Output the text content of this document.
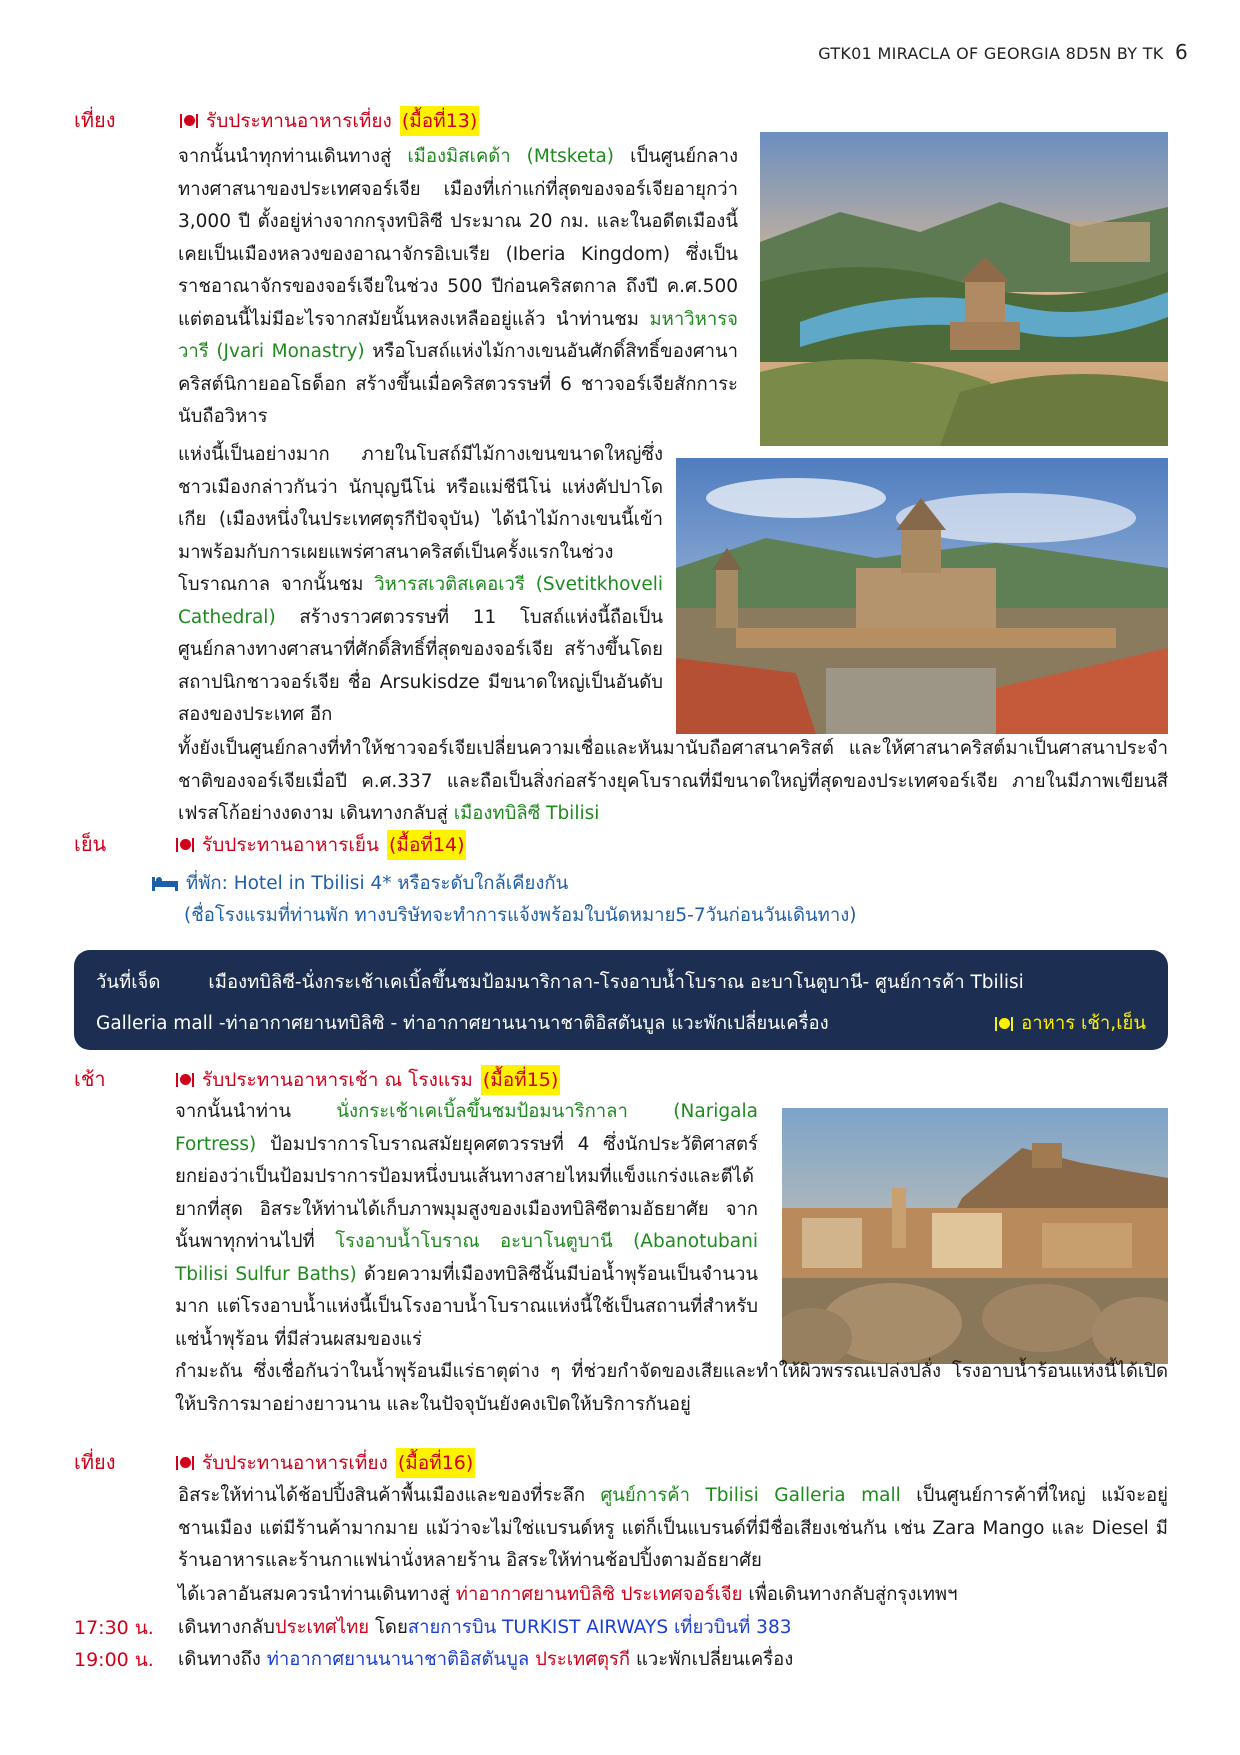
GTK01 MIRACLA OF GEORGIA 8D5N BY TK 6
เที่ยง	รับประทานอาหารเที่ยง (มื้อที่13)

จากนั้นนำทุกท่านเดินทางสู่ เมืองมิสเคด้า (Mtsketa) เป็นศูนย์กลางทางศาสนาของประเทศจอร์เจีย เมืองที่เก่าแก่ที่สุดของจอร์เจียอายุกว่า 3,000 ปี ตั้งอยู่ห่างจากกรุงทบิลิซี ประมาณ 20 กม. และในอดีตเมืองนี้เคยเป็นเมืองหลวงของอาณาจักรอิเบเรีย (Iberia Kingdom) ซึ่งเป็นราชอาณาจักรของจอร์เจียในช่วง 500 ปีก่อนคริสตกาล ถึงปี ค.ศ.500 แต่ตอนนี้ไม่มีอะไรจากสมัยนั้นหลงเหลืออยู่แล้ว นำท่านชม มหาวิหารจวารี (Jvari Monastry) หรือโบสถ์แห่งไม้กางเขนอันศักดิ์สิทธิ์ของศานาคริสต์นิกายออโธด็อก สร้างขึ้นเมื่อคริสตวรรษที่ 6 ชาวจอร์เจียสักการะนับถือวิหาร

แห่งนี้เป็นอย่างมาก ภายในโบสถ์มีไม้กางเขนขนาดใหญ่ซึ่งชาวเมืองกล่าวกันว่า นักบุญนีโน่ หรือแม่ชีนีโน่ แห่งคัปปาโดเกีย (เมืองหนึ่งในประเทศตุรกีปัจจุบัน) ได้นำไม้กางเขนนี้เข้ามาพร้อมกับการเผยแพร่ศาสนาคริสต์เป็นครั้งแรกในช่วงโบราณกาล จากนั้นชม วิหารสเวติสเคอเวรี (Svetitkhoveli Cathedral) สร้างราวศตวรรษที่ 11 โบสถ์แห่งนี้ถือเป็นศูนย์กลางทางศาสนาที่ศักดิ์สิทธิ์ที่สุดของจอร์เจีย สร้างขึ้นโดยสถาปนิกชาวจอร์เจีย ชื่อ Arsukisdze มีขนาดใหญ่เป็นอันดับสองของประเทศ อีก

ทั้งยังเป็นศูนย์กลางที่ทำให้ชาวจอร์เจียเปลี่ยนความเชื่อและหันมานับถือศาสนาคริสต์ และให้ศาสนาคริสต์มาเป็นศาสนาประจำชาติของจอร์เจียเมื่อปี ค.ศ.337 และถือเป็นสิ่งก่อสร้างยุคโบราณที่มีขนาดใหญ่ที่สุดของประเทศจอร์เจีย ภายในมีภาพเขียนสีเฟรสโก้อย่างงดงาม เดินทางกลับสู่ เมืองทบิลิซี Tbilisi

เย็น	รับประทานอาหารเย็น (มื้อที่14)
ที่พัก: Hotel in Tbilisi 4* หรือระดับใกล้เคียงกัน
(ชื่อโรงแรมที่ท่านพัก ทางบริษัทจะทำการแจ้งพร้อมใบนัดหมาย5-7วันก่อนวันเดินทาง)
วันที่เจ็ด	เมืองทบิลิซี-นั่งกระเช้าเคเบิ้ลขึ้นชมป้อมนาริกาลา-โรงอาบน้ำโบราณ อะบาโนตูบานี- ศูนย์การค้า Tbilisi
Galleria mall -ท่าอากาศยานทบิลิซิ - ท่าอากาศยานนานาชาติอิสตันบูล แวะพักเปลี่ยนเครื่อง	อาหาร เช้า,เย็น
เช้า	รับประทานอาหารเช้า ณ โรงแรม (มื้อที่15)

จากนั้นนำท่าน นั่งกระเช้าเคเบิ้ลขึ้นชมป้อมนาริกาลา (Narigala Fortress) ป้อมปราการโบราณสมัยยุคศตวรรษที่ 4 ซึ่งนักประวัติศาสตร์ยกย่องว่าเป็นป้อมปราการป้อมหนึ่งบนเส้นทางสายไหมที่แข็งแกร่งและตีได้ยากที่สุด อิสระให้ท่านได้เก็บภาพมุมสูงของเมืองทบิลิซีตามอัธยาศัย จากนั้นพาทุกท่านไปที่ โรงอาบน้ำโบราณ อะบาโนตูบานี (Abanotubani Tbilisi Sulfur Baths) ด้วยความที่เมืองทบิลิซีนั้นมีบ่อน้ำพุร้อนเป็นจำนวนมาก แต่โรงอาบน้ำแห่งนี้เป็นโรงอาบน้ำโบราณแห่งนี้ใช้เป็นสถานที่สำหรับแช่น้ำพุร้อน ที่มีส่วนผสมของแร่

กำมะถัน ซึ่งเชื่อกันว่าในน้ำพุร้อนมีแร่ธาตุต่าง ๆ ที่ช่วยกำจัดของเสียและทำให้ผิวพรรณเปล่งปลั่ง โรงอาบน้ำร้อนแห่งนี้ได้เปิดให้บริการมาอย่างยาวนาน และในปัจจุบันยังคงเปิดให้บริการกันอยู่

เที่ยง	รับประทานอาหารเที่ยง (มื้อที่16)

อิสระให้ท่านได้ช้อปปิ้งสินค้าพื้นเมืองและของที่ระลึก ศูนย์การค้า Tbilisi Galleria mall เป็นศูนย์การค้าที่ใหญ่ แม้จะอยู่ชานเมือง แต่มีร้านค้ามากมาย แม้ว่าจะไม่ใช่แบรนด์หรู แต่ก็เป็นแบรนด์ที่มีชื่อเสียงเช่นกัน เช่น Zara Mango และ Diesel มีร้านอาหารและร้านกาแฟน่านั่งหลายร้าน อิสระให้ท่านช้อปปิ้งตามอัธยาศัย

ได้เวลาอันสมควรนำท่านเดินทางสู่ ท่าอากาศยานทบิลิซิ ประเทศจอร์เจีย เพื่อเดินทางกลับสู่กรุงเทพฯ

17:30 น. เดินทางกลับประเทศไทย โดยสายการบิน TURKIST AIRWAYS เที่ยวบินที่ 383
19:00 น. เดินทางถึง ท่าอากาศยานนานาชาติอิสตันบูล ประเทศตุรกี แวะพักเปลี่ยนเครื่อง
